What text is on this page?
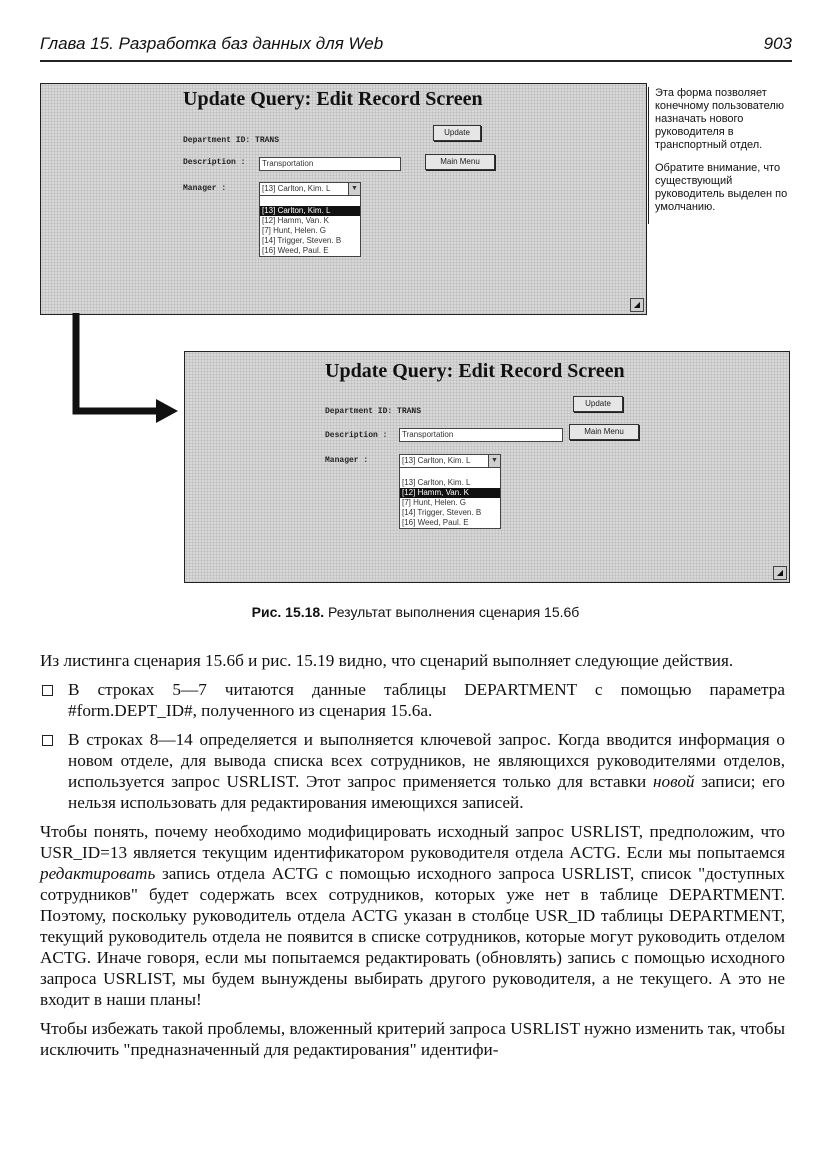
Глава 15. Разработка баз данных для Web	903
Update Query: Edit Record Screen
Department ID: TRANS
Update
Description :	Transportation	Main Menu
Manager :	[13] Carlton, Kim. L	▼
[13] Carlton, Kim. L
[12] Hamm, Van. K
[7] Hunt, Helen. G
[14] Trigger, Steven. B
[16] Weed, Paul. E
◢

Эта форма позволяет конечному пользователю назначать нового руководителя в транспортный отдел.

Обратите внимание, что существующий руководитель выделен по умолчанию.

Update Query: Edit Record Screen
Department ID: TRANS
Update
Description :	Transportation	Main Menu
Manager :	[13] Carlton, Kim. L	▼
[13] Carlton, Kim. L
[12] Hamm, Van. K
[7] Hunt, Helen. G
[14] Trigger, Steven. B
[16] Weed, Paul. E
◢
Рис. 15.18. Результат выполнения сценария 15.6б

Из листинга сценария 15.6б и рис. 15.19 видно, что сценарий выполняет следующие действия.

В строках 5—7 читаются данные таблицы DEPARTMENT с помощью параметра #form.DEPT_ID#, полученного из сценария 15.6а.
В строках 8—14 определяется и выполняется ключевой запрос. Когда вводится информация о новом отделе, для вывода списка всех сотрудников, не являющихся руководителями отделов, используется запрос USRLIST. Этот запрос применяется только для вставки новой записи; его нельзя использовать для редактирования имеющихся записей.

Чтобы понять, почему необходимо модифицировать исходный запрос USRLIST, предположим, что USR_ID=13 является текущим идентификатором руководителя отдела ACTG. Если мы попытаемся редактировать запись отдела ACTG с помощью исходного запроса USRLIST, список "доступных сотрудников" будет содержать всех сотрудников, которых уже нет в таблице DEPARTMENT. Поэтому, поскольку руководитель отдела ACTG указан в столбце USR_ID таблицы DEPARTMENT, текущий руководитель отдела не появится в списке сотрудников, которые могут руководить отделом ACTG. Иначе говоря, если мы попытаемся редактировать (обновлять) запись с помощью исходного запроса USRLIST, мы будем вынуждены выбирать другого руководителя, а не текущего. А это не входит в наши планы!

Чтобы избежать такой проблемы, вложенный критерий запроса USRLIST нужно изменить так, чтобы исключить "предназначенный для редактирования" идентифи-
